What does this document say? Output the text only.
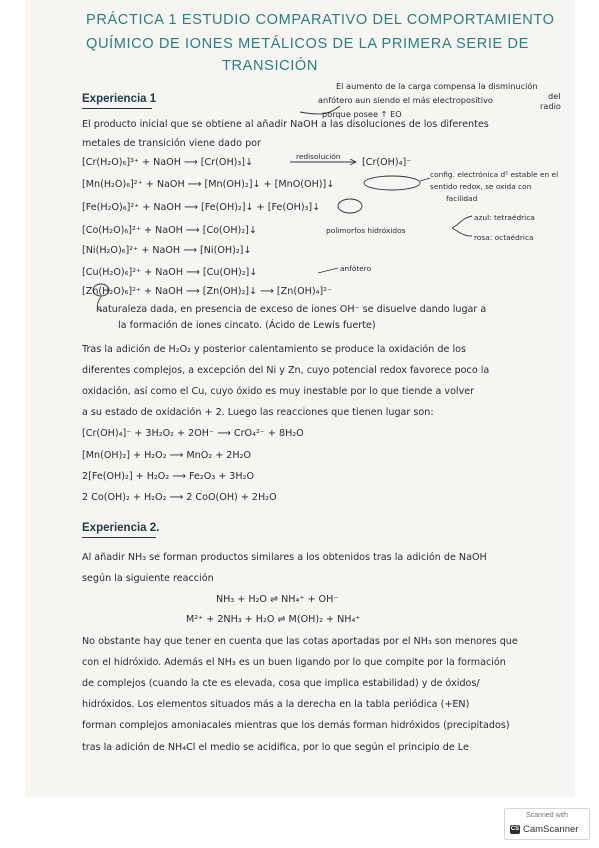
PRÁCTICA 1 ESTUDIO COMPARATIVO DEL COMPORTAMIENTO
QUÍMICO DE IONES METÁLICOS DE LA PRIMERA SERIE DE
TRANSICIÓN
Experiencia 1
El aumento de la carga compensa la disminución
del
anfótero aun siendo el más electropositivo
radio
porque posee ↑ EO
El producto inicial que se obtiene al añadir NaOH a las disoluciones de los diferentes
metales de transición viene dado por
[Cr(H₂O)₆]³⁺ + NaOH ⟶ [Cr(OH)₃]↓
redisolución
[Cr(OH)₄]⁻
[Mn(H₂O)₆]²⁺ + NaOH ⟶ [Mn(OH)₂]↓ + [MnO(OH)]↓
config. electrónica d⁵ estable en el
sentido redox, se oxida con
facilidad
[Fe(H₂O)₆]²⁺ + NaOH ⟶ [Fe(OH)₂]↓ + [Fe(OH)₃]↓
[Co(H₂O)₆]²⁺ + NaOH ⟶ [Co(OH)₂]↓	polimorfos hidróxidos
azul: tetraédrica
rosa: octaédrica
[Ni(H₂O)₆]²⁺ + NaOH ⟶ [Ni(OH)₂]↓
[Cu(H₂O)₆]²⁺ + NaOH ⟶ [Cu(OH)₂]↓	anfótero
[Zn(H₂O)₆]²⁺ + NaOH ⟶ [Zn(OH)₂]↓ ⟶ [Zn(OH)₄]²⁻
naturaleza dada, en presencia de exceso de iones OH⁻ se disuelve dando lugar a
la formación de iones cincato. (Ácido de Lewis fuerte)
Tras la adición de H₂O₂ y posterior calentamiento se produce la oxidación de los
diferentes complejos, a excepción del Ni y Zn, cuyo potencial redox favorece poco la
oxidación, así como el Cu, cuyo óxido es muy inestable por lo que tiende a volver
a su estado de oxidación + 2. Luego las reacciones que tienen lugar son:
[Cr(OH)₄]⁻ + 3H₂O₂ + 2OH⁻ ⟶ CrO₄²⁻ + 8H₂O
[Mn(OH)₂] + H₂O₂ ⟶ MnO₂ + 2H₂O
2[Fe(OH)₂] + H₂O₂ ⟶ Fe₂O₃ + 3H₂O
2 Co(OH)₂ + H₂O₂ ⟶ 2 CoO(OH) + 2H₂O
Experiencia 2.
Al añadir NH₃ se forman productos similares a los obtenidos tras la adición de NaOH
según la siguiente reacción
NH₃ + H₂O ⇌ NH₄⁺ + OH⁻
M²⁺ + 2NH₃ + H₂O ⇌ M(OH)₂ + NH₄⁺
No obstante hay que tener en cuenta que las cotas aportadas por el NH₃ son menores que
con el hidróxido. Además el NH₃ es un buen ligando por lo que compite por la formación
de complejos (cuando la cte es elevada, cosa que implica estabilidad) y de óxidos/
hidróxidos. Los elementos situados más a la derecha en la tabla periódica (+EN)
forman complejos amoniacales mientras que los demás forman hidróxidos (precipitados)
tras la adición de NH₄Cl el medio se acidifica, por lo que según el principio de Le
Scanned with
CS CamScanner
